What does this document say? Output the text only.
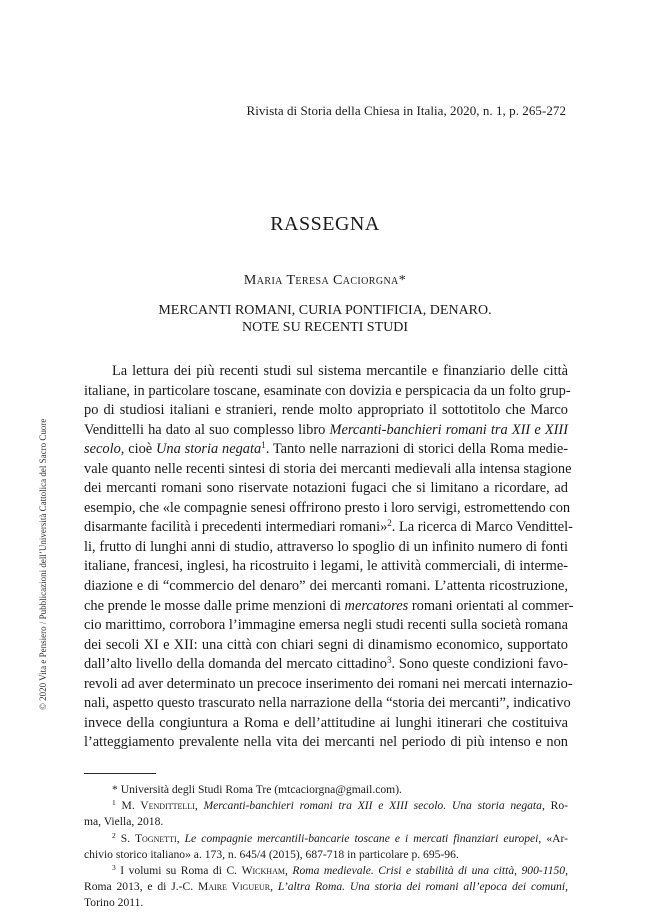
Rivista di Storia della Chiesa in Italia, 2020, n. 1, p. 265-272
RASSEGNA
Maria Teresa Caciorgna*
MERCANTI ROMANI, CURIA PONTIFICIA, DENARO.
NOTE SU RECENTI STUDI
La lettura dei più recenti studi sul sistema mercantile e finanziario delle città
italiane, in particolare toscane, esaminate con dovizia e perspicacia da un folto grup-
po di studiosi italiani e stranieri, rende molto appropriato il sottotitolo che Marco
Vendittelli ha dato al suo complesso libro Mercanti-banchieri romani tra XII e XIII
secolo, cioè Una storia negata$^1$. Tanto nelle narrazioni di storici della Roma medie-
vale quanto nelle recenti sintesi di storia dei mercanti medievali alla intensa stagione
dei mercanti romani sono riservate notazioni fugaci che si limitano a ricordare, ad
esempio, che «le compagnie senesi offrirono presto i loro servigi, estromettendo con
disarmante facilità i precedenti intermediari romani»$^2$. La ricerca di Marco Vendittel-
li, frutto di lunghi anni di studio, attraverso lo spoglio di un infinito numero di fonti
italiane, francesi, inglesi, ha ricostruito i legami, le attività commerciali, di interme-
diazione e di “commercio del denaro” dei mercanti romani. L’attenta ricostruzione,
che prende le mosse dalle prime menzioni di mercatores romani orientati al commer-
cio marittimo, corrobora l’immagine emersa negli studi recenti sulla società romana
dei secoli XI e XII: una città con chiari segni di dinamismo economico, supportato
dall’alto livello della domanda del mercato cittadino$^3$. Sono queste condizioni favo-
revoli ad aver determinato un precoce inserimento dei romani nei mercati internazio-
nali, aspetto questo trascurato nella narrazione della “storia dei mercanti”, indicativo
invece della congiuntura a Roma e dell’attitudine ai lunghi itinerari che costituiva
l’atteggiamento prevalente nella vita dei mercanti nel periodo di più intenso e non
* Università degli Studi Roma Tre (mtcaciorgna@gmail.com).
$^1$ M. Vendittelli, Mercanti-banchieri romani tra XII e XIII secolo. Una storia negata, Ro-
ma, Viella, 2018.
$^2$ S. Tognetti, Le compagnie mercantili-bancarie toscane e i mercati finanziari europei, «Ar-
chivio storico italiano» a. 173, n. 645/4 (2015), 687-718 in particolare p. 695-96.
$^3$ I volumi su Roma di C. Wickham, Roma medievale. Crisi e stabilità di una città, 900-1150,
Roma 2013, e di J.-C. Maire Vigueur, L’altra Roma. Una storia dei romani all’epoca dei comuni,
Torino 2011.
© 2020 Vita e Pensiero / Pubblicazioni dell’Università Cattolica del Sacro Cuore
